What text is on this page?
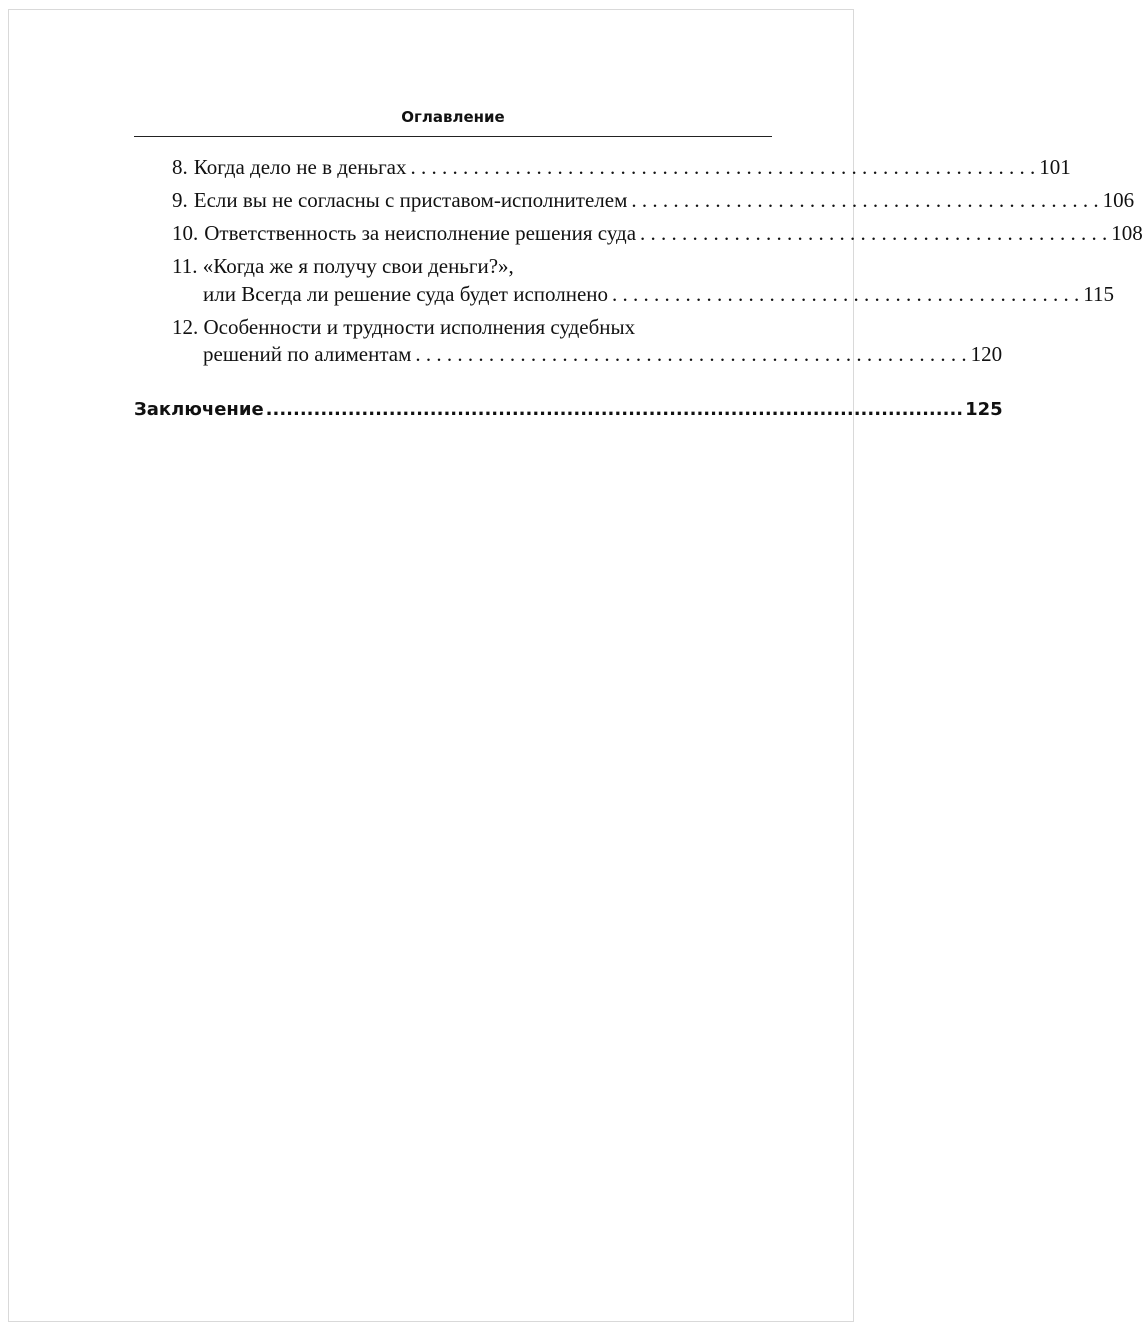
Оглавление
8. Когда дело не в деньгах . . . . . . . . . . . . . . . . . . . . . . . . . . . . . . . . . . . . . . . . . . . . . . . . . . . . . . . . . . . . 101
9. Если вы не согласны с приставом-исполнителем . . . . . . . . . . . . . . . . . . . . . . . . . . . . . . . . . . . . . . . . . . . . . 106
10. Ответственность за неисполнение решения суда . . . . . . . . . . . . . . . . . . . . . . . . . . . . . . . . . . . . . . . . . . . . . 108
11. «Когда же я получу свои деньги?»,
или Всегда ли решение суда будет исполнено . . . . . . . . . . . . . . . . . . . . . . . . . . . . . . . . . . . . . . . . . . . . . 115
12. Особенности и трудности исполнения судебных
решений по алиментам . . . . . . . . . . . . . . . . . . . . . . . . . . . . . . . . . . . . . . . . . . . . . . . . . . . . . 120
Заключение ...................................................................................................... 125
